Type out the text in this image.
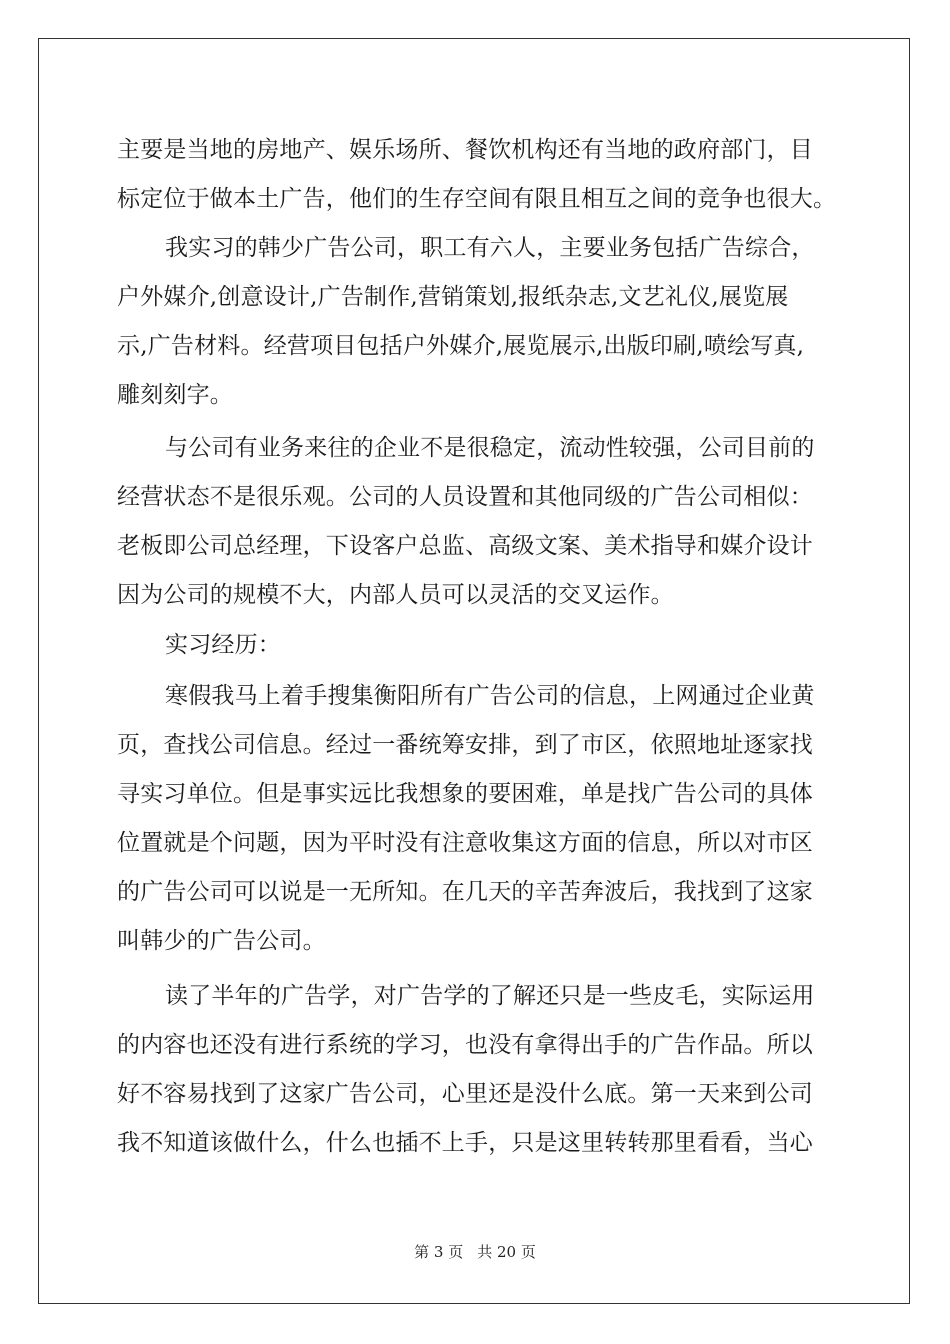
主要是当地的房地产、娱乐场所、餐饮机构还有当地的政府部门，目
标定位于做本土广告，他们的生存空间有限且相互之间的竞争也很大。
我实习的韩少广告公司，职工有六人，主要业务包括广告综合，
户外媒介,创意设计,广告制作,营销策划,报纸杂志,文艺礼仪,展览展
示,广告材料。经营项目包括户外媒介,展览展示,出版印刷,喷绘写真,
雕刻刻字。
与公司有业务来往的企业不是很稳定，流动性较强，公司目前的
经营状态不是很乐观。公司的人员设置和其他同级的广告公司相似：
老板即公司总经理，下设客户总监、高级文案、美术指导和媒介设计
因为公司的规模不大，内部人员可以灵活的交叉运作。
实习经历：
寒假我马上着手搜集衡阳所有广告公司的信息，上网通过企业黄
页，查找公司信息。经过一番统筹安排，到了市区，依照地址逐家找
寻实习单位。但是事实远比我想象的要困难，单是找广告公司的具体
位置就是个问题，因为平时没有注意收集这方面的信息，所以对市区
的广告公司可以说是一无所知。在几天的辛苦奔波后，我找到了这家
叫韩少的广告公司。
读了半年的广告学，对广告学的了解还只是一些皮毛，实际运用
的内容也还没有进行系统的学习，也没有拿得出手的广告作品。所以
好不容易找到了这家广告公司，心里还是没什么底。第一天来到公司
我不知道该做什么，什么也插不上手，只是这里转转那里看看，当心
第 3 页 共 20 页
